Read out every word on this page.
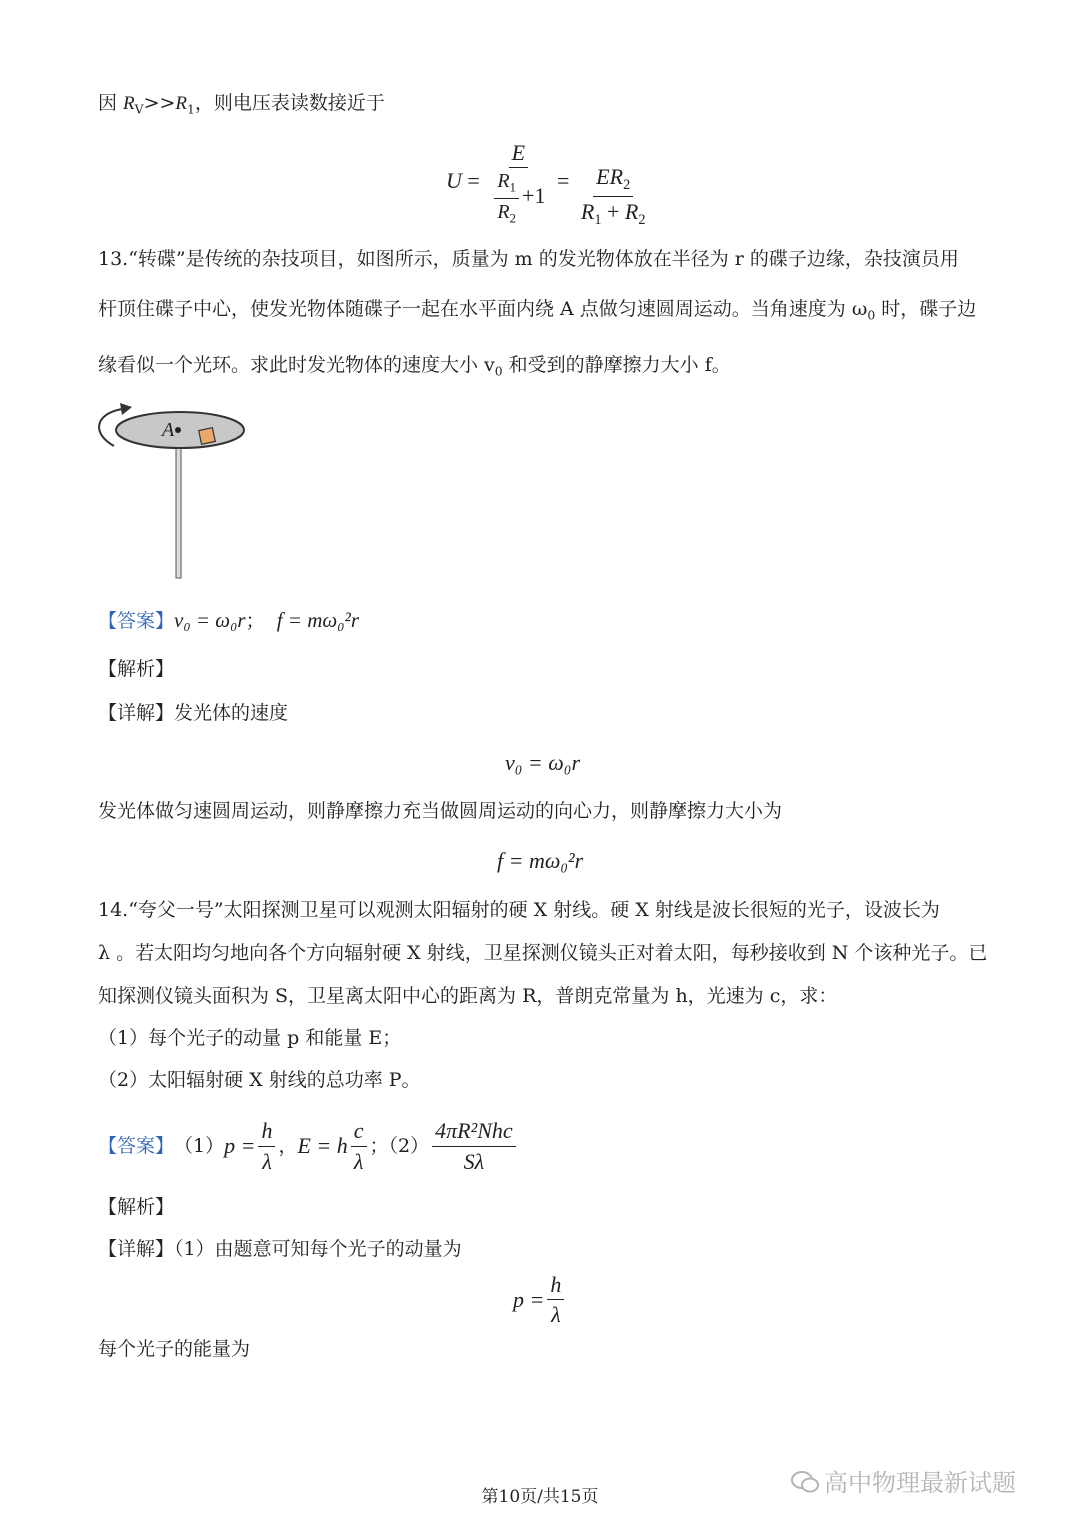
因 $R_V>>R_1$，则电压表读数接近于
$U = \frac{E}{\frac{R_1}{R_2} +1} = \frac{ER_2}{R_1 + R_2}$
13.“转碟”是传统的杂技项目，如图所示，质量为 m 的发光物体放在半径为 r 的碟子边缘，杂技演员用
杆顶住碟子中心，使发光物体随碟子一起在水平面内绕 A 点做匀速圆周运动。当角速度为 $\omega_0$ 时，碟子边
缘看似一个光环。求此时发光物体的速度大小 $v_0$ 和受到的静摩擦力大小 f。
A
【答案】v₀ = ω₀r； f = mω₀²r
【解析】
【详解】发光体的速度
v₀ = ω₀r
发光体做匀速圆周运动，则静摩擦力充当做圆周运动的向心力，则静摩擦力大小为
f = mω₀²r
14.“夸父一号”太阳探测卫星可以观测太阳辐射的硬 X 射线。硬 X 射线是波长很短的光子，设波长为
λ 。若太阳均匀地向各个方向辐射硬 X 射线，卫星探测仪镜头正对着太阳，每秒接收到 N 个该种光子。已
知探测仪镜头面积为 S，卫星离太阳中心的距离为 R，普朗克常量为 h，光速为 c，求：
（1）每个光子的动量 p 和能量 E；
（2）太阳辐射硬 X 射线的总功率 P。
【答案】 （1） $p = \frac{h}{\lambda}$ ， E = h $\frac{c}{\lambda}$ ；$(2) \frac{\text{4πR²Nhc}}{S\lambda}$
【解析】
【详解】（1）由题意可知每个光子的动量为
$p = \frac{h}{\lambda}$
每个光子的能量为
第10页/共15页	高中物理最新试题
